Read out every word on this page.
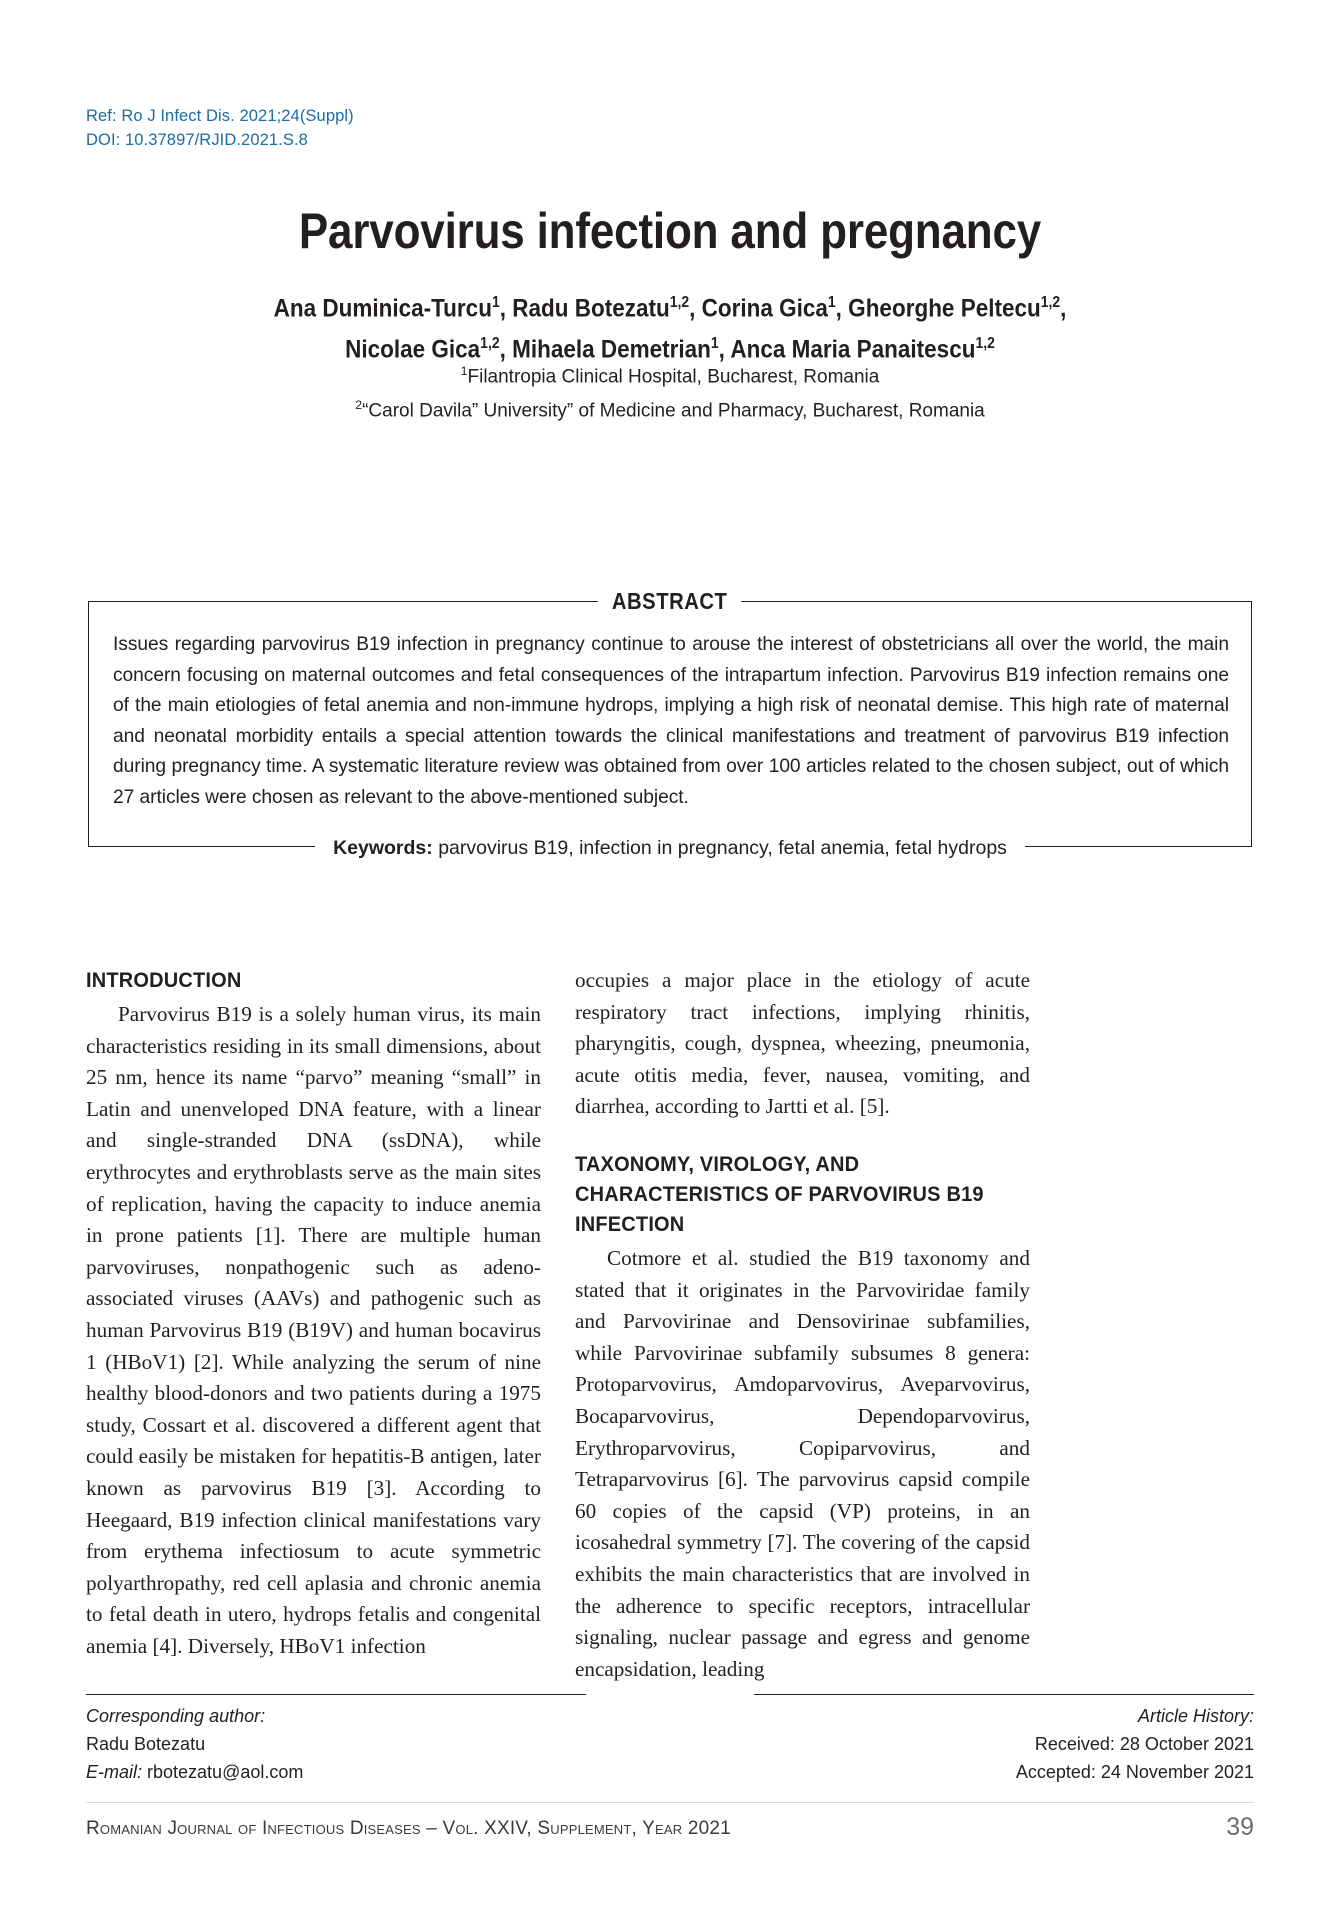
Ref: Ro J Infect Dis. 2021;24(Suppl)
DOI: 10.37897/RJID.2021.S.8
Parvovirus infection and pregnancy
Ana Duminica-Turcu$^1$, Radu Botezatu$^{1,2}$, Corina Gica$^1$, Gheorghe Peltecu$^{1,2}$,
Nicolae Gica$^{1,2}$, Mihaela Demetrian$^1$, Anca Maria Panaitescu$^{1,2}$
$^1$Filantropia Clinical Hospital, Bucharest, Romania
$^2$“Carol Davila” University” of Medicine and Pharmacy, Bucharest, Romania
ABSTRACT
Issues regarding parvovirus B19 infection in pregnancy continue to arouse the interest of obstetricians all over the world, the main concern focusing on maternal outcomes and fetal consequences of the intrapartum infection. Parvovirus B19 infection remains one of the main etiologies of fetal anemia and non-immune hydrops, implying a high risk of neonatal demise. This high rate of maternal and neonatal morbidity entails a special attention towards the clinical manifestations and treatment of parvovirus B19 infection during pregnancy time. A systematic literature review was obtained from over 100 articles related to the chosen subject, out of which 27 articles were chosen as relevant to the above-mentioned subject.
Keywords: parvovirus B19, infection in pregnancy, fetal anemia, fetal hydrops
INTRODUCTION

Parvovirus B19 is a solely human virus, its main characteristics residing in its small dimensions, about 25 nm, hence its name “parvo” meaning “small” in Latin and unenveloped DNA feature, with a linear and single-stranded DNA (ssDNA), while erythrocytes and erythroblasts serve as the main sites of replication, having the capacity to induce anemia in prone patients [1]. There are multiple human parvoviruses, nonpathogenic such as adeno-associated viruses (AAVs) and pathogenic such as human Parvovirus B19 (B19V) and human bocavirus 1 (HBoV1) [2]. While analyzing the serum of nine healthy blood-donors and two patients during a 1975 study, Cossart et al. discovered a different agent that could easily be mistaken for hepatitis-B antigen, later known as parvovirus B19 [3]. According to Heegaard, B19 infection clinical manifestations vary from erythema infectiosum to acute symmetric polyarthropathy, red cell aplasia and chronic anemia to fetal death in utero, hydrops fetalis and congenital anemia [4]. Diversely, HBoV1 infection

occupies a major place in the etiology of acute respiratory tract infections, implying rhinitis, pharyngitis, cough, dyspnea, wheezing, pneumonia, acute otitis media, fever, nausea, vomiting, and diarrhea, according to Jartti et al. [5].

TAXONOMY, VIROLOGY, AND CHARACTERISTICS OF PARVOVIRUS B19 INFECTION

Cotmore et al. studied the B19 taxonomy and stated that it originates in the Parvoviridae family and Parvovirinae and Densovirinae subfamilies, while Parvovirinae subfamily subsumes 8 genera: Protoparvovirus, Amdoparvovirus, Aveparvovirus, Bocaparvovirus, Dependoparvovirus, Erythroparvovirus, Copiparvovirus, and Tetraparvovirus [6]. The parvovirus capsid compile 60 copies of the capsid (VP) proteins, in an icosahedral symmetry [7]. The covering of the capsid exhibits the main characteristics that are involved in the adherence to specific receptors, intracellular signaling, nuclear passage and egress and genome encapsidation, leading

Corresponding author:
Radu Botezatu
E-mail: rbotezatu@aol.com
Article History:
Received: 28 October 2021
Accepted: 24 November 2021
Romanian Journal of Infectious Diseases – Vol. XXIV, Supplement, Year 2021	39
